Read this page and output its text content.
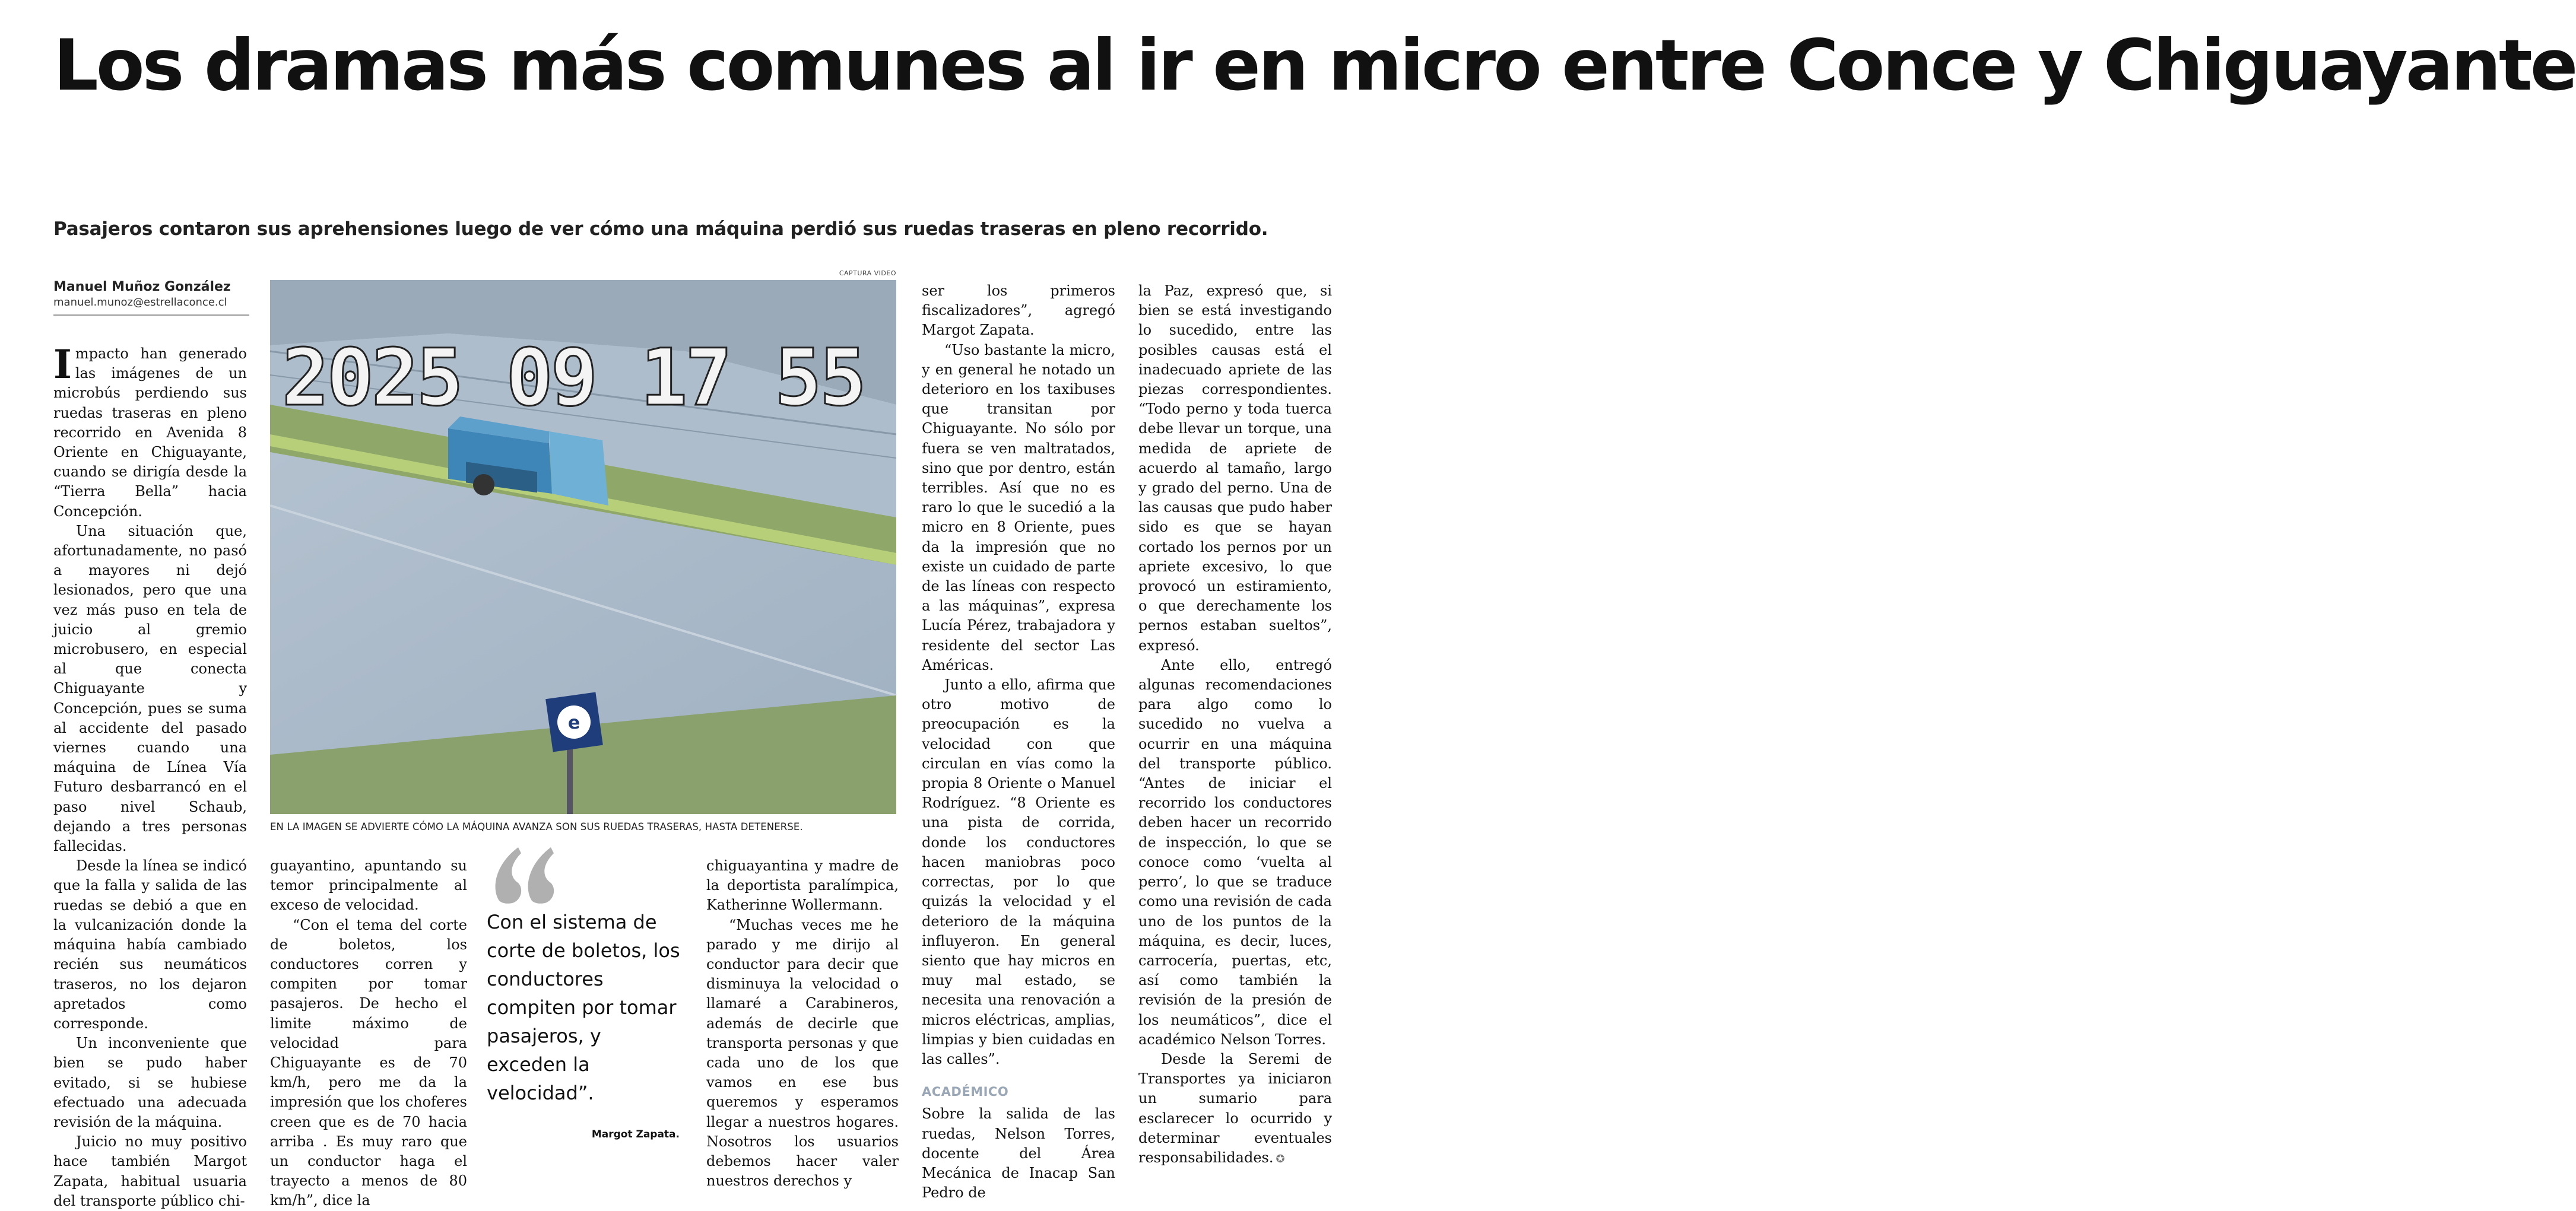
Los dramas más comunes al ir en micro entre Conce y Chiguayante

Pasajeros contaron sus aprehensiones luego de ver cómo una máquina perdió sus ruedas traseras en pleno recorrido.

Manuel Muñoz González
manuel.munoz@estrellaconce.cl

Impacto han generado las imágenes de un microbús perdiendo sus ruedas traseras en pleno recorrido en Avenida 8 Oriente en Chiguayante, cuando se dirigía desde la “Tierra Bella” hacia Concepción.

Una situación que, afortunadamente, no pasó a mayores ni dejó lesionados, pero que una vez más puso en tela de juicio al gremio microbusero, en especial al que conecta Chiguayante y Concepción, pues se suma al accidente del pasado viernes cuando una máquina de Línea Vía Futuro desbarrancó en el paso nivel Schaub, dejando a tres personas fallecidas.

Desde la línea se indicó que la falla y salida de las ruedas se debió a que en la vulcanización donde la máquina había cambiado recién sus neumáticos traseros, no los dejaron apretados como corresponde.

Un inconveniente que bien se pudo haber evitado, si se hubiese efectuado una adecuada revisión de la máquina.

Juicio no muy positivo hace también Margot Zapata, habitual usuaria del transporte público chi-

CAPTURA VIDEO
e
2025 09 17 55
EN LA IMAGEN SE ADVIERTE CÓMO LA MÁQUINA AVANZA SON SUS RUEDAS TRASERAS, HASTA DETENERSE.

guayantino, apuntando su temor principalmente al exceso de velocidad.

“Con el tema del corte de boletos, los conductores corren y compiten por tomar pasajeros. De hecho el limite máximo de velocidad para Chiguayante es de 70 km/h, pero me da la impresión que los choferes creen que es de 70 hacia arriba . Es muy raro que un conductor haga el trayecto a menos de 80 km/h”, dice la

Con el sistema de corte de boletos, los conductores compiten por tomar pasajeros, y exceden la velocidad”.
Margot Zapata.

chiguayantina y madre de la deportista paralímpica, Katherinne Wollermann.

“Muchas veces me he parado y me dirijo al conductor para decir que disminuya la velocidad o llamaré a Carabineros, además de decirle que transporta personas y que cada uno de los que vamos en ese bus queremos y esperamos llegar a nuestros hogares. Nosotros los usuarios debemos hacer valer nuestros derechos y

ser los primeros fiscalizadores”, agregó Margot Zapata.

“Uso bastante la micro, y en general he notado un deterioro en los taxibuses que transitan por Chiguayante. No sólo por fuera se ven maltratados, sino que por dentro, están terribles. Así que no es raro lo que le sucedió a la micro en 8 Oriente, pues da la impresión que no existe un cuidado de parte de las líneas con respecto a las máquinas”, expresa Lucía Pérez, trabajadora y residente del sector Las Américas.

Junto a ello, afirma que otro motivo de preocupación es la velocidad con que circulan en vías como la propia 8 Oriente o Manuel Rodríguez. “8 Oriente es una pista de corrida, donde los conductores hacen maniobras poco correctas, por lo que quizás la velocidad y el deterioro de la máquina influyeron. En general siento que hay micros en muy mal estado, se necesita una renovación a micros eléctricas, amplias, limpias y bien cuidadas en las calles”.

ACADÉMICO

Sobre la salida de las ruedas, Nelson Torres, docente del Área Mecánica de Inacap San Pedro de

la Paz, expresó que, si bien se está investigando lo sucedido, entre las posibles causas está el inadecuado apriete de las piezas correspondientes. “Todo perno y toda tuerca debe llevar un torque, una medida de apriete de acuerdo al tamaño, largo y grado del perno. Una de las causas que pudo haber sido es que se hayan cortado los pernos por un apriete excesivo, lo que provocó un estiramiento, o que derechamente los pernos estaban sueltos”, expresó.

Ante ello, entregó algunas recomendaciones para algo como lo sucedido no vuelva a ocurrir en una máquina del transporte público. “Antes de iniciar el recorrido los conductores deben hacer un recorrido de inspección, lo que se conoce como ‘vuelta al perro’, lo que se traduce como una revisión de cada uno de los puntos de la máquina, es decir, luces, carrocería, puertas, etc, así como también la revisión de la presión de los neumáticos”, dice el académico Nelson Torres.

Desde la Seremi de Transportes ya iniciaron un sumario para esclarecer lo ocurrido y determinar eventuales responsabilidades. ✪
